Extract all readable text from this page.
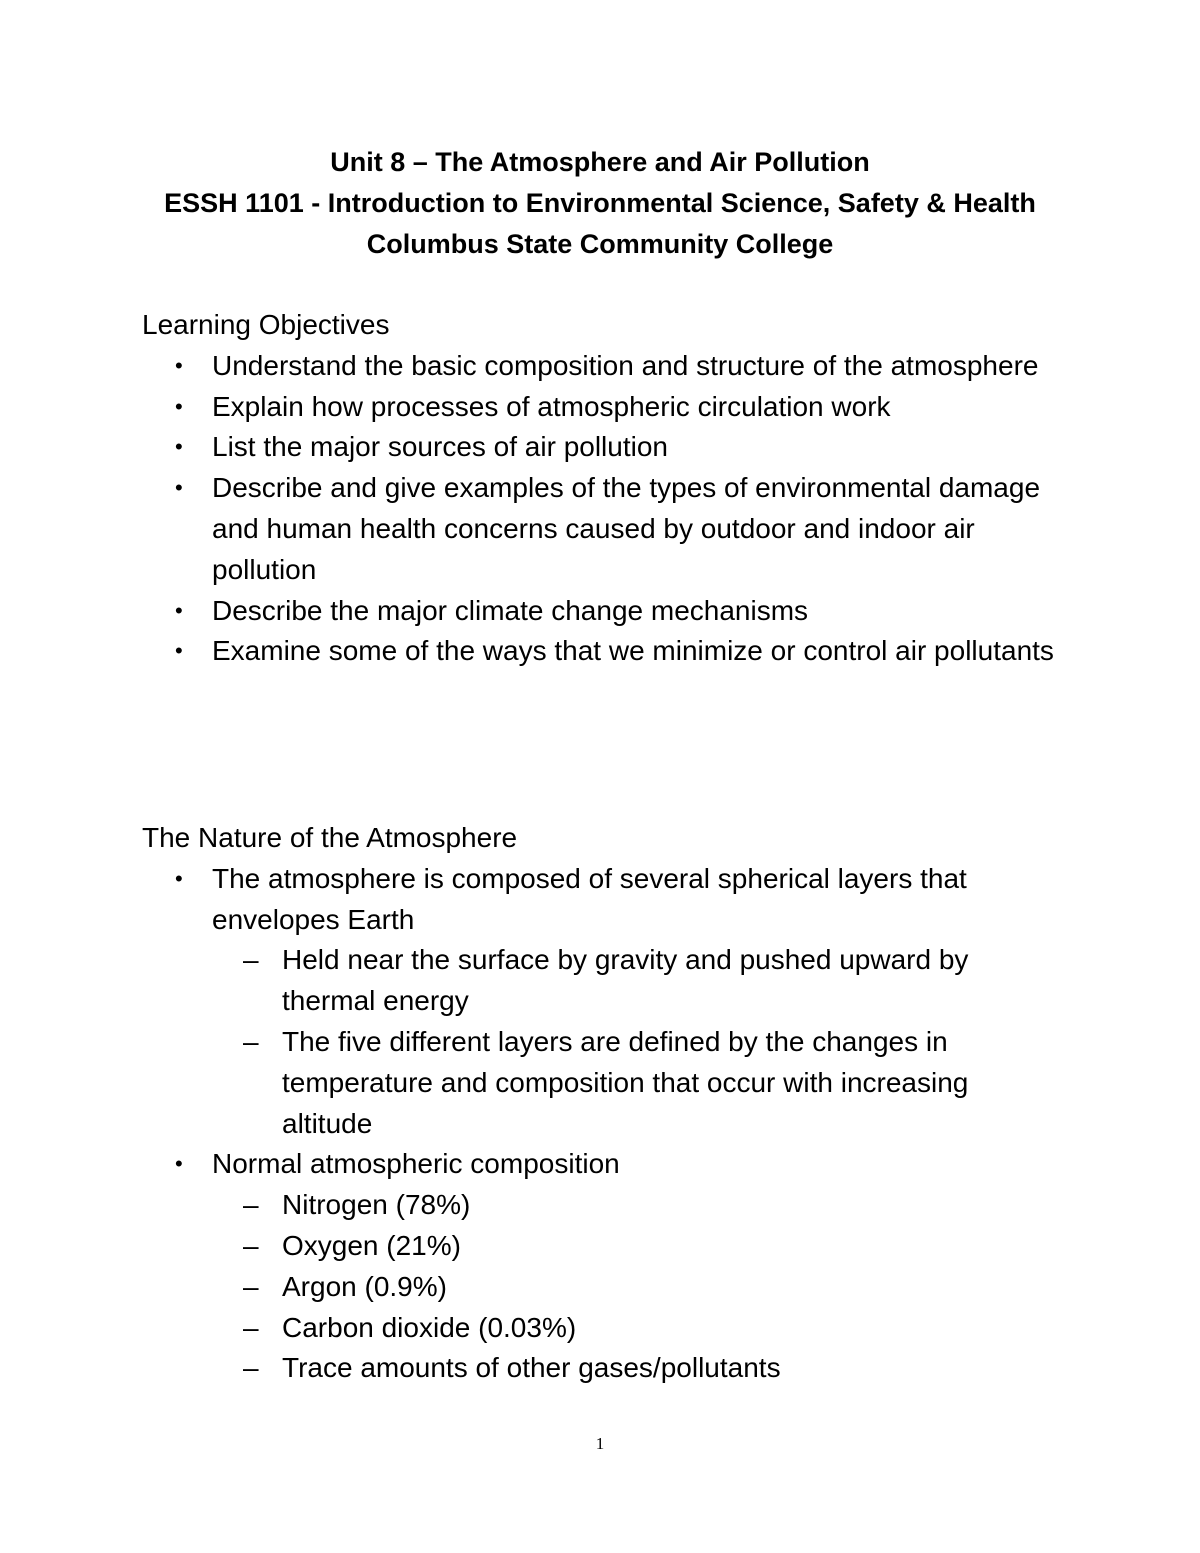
Unit 8 – The Atmosphere and Air Pollution
ESSH 1101 - Introduction to Environmental Science, Safety & Health
Columbus State Community College
Learning Objectives
• Understand the basic composition and structure of the atmosphere
• Explain how processes of atmospheric circulation work
• List the major sources of air pollution
• Describe and give examples of the types of environmental damage and human health concerns caused by outdoor and indoor air pollution
• Describe the major climate change mechanisms
• Examine some of the ways that we minimize or control air pollutants
The Nature of the Atmosphere
• The atmosphere is composed of several spherical layers that envelopes Earth
– Held near the surface by gravity and pushed upward by thermal energy
– The five different layers are defined by the changes in temperature and composition that occur with increasing altitude
• Normal atmospheric composition
– Nitrogen (78%)
– Oxygen (21%)
– Argon (0.9%)
– Carbon dioxide (0.03%)
– Trace amounts of other gases/pollutants
1
